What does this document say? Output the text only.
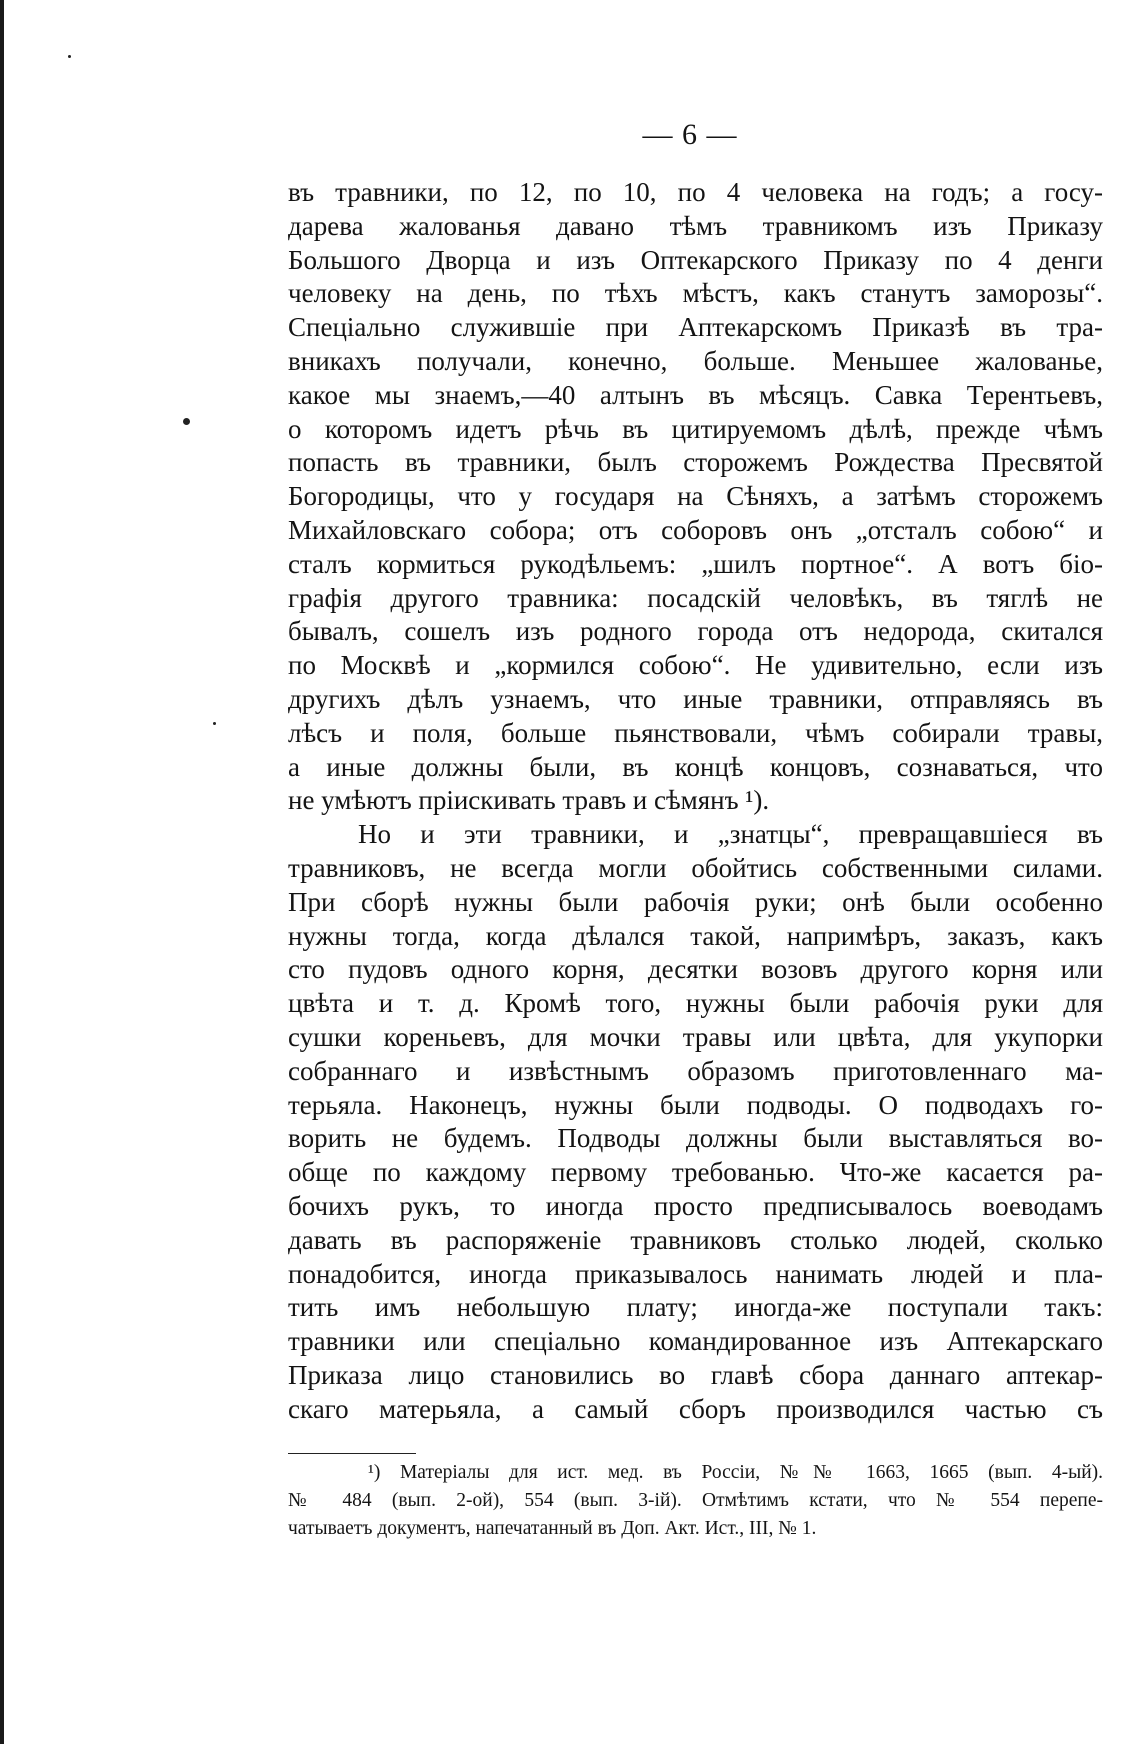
— 6 —
въ травники, по 12, по 10, по 4 человека на годъ; а госу-
дарева жалованья давано тѣмъ травникомъ изъ Приказу
Большого Дворца и изъ Оптекарского Приказу по 4 денги
человеку на день, по тѣхъ мѣстъ, какъ станутъ заморозы“.
Спеціально служившіе при Аптекарскомъ Приказѣ въ тра-
вникахъ получали, конечно, больше. Меньшее жалованье,
какое мы знаемъ,—40 алтынъ въ мѣсяцъ. Савка Терентьевъ,
о которомъ идетъ рѣчь въ цитируемомъ дѣлѣ, прежде чѣмъ
попасть въ травники, былъ сторожемъ Рождества Пресвятой
Богородицы, что у государя на Сѣняхъ, а затѣмъ сторожемъ
Михайловскаго собора; отъ соборовъ онъ „отсталъ собою“ и
сталъ кормиться рукодѣльемъ: „шилъ портное“. А вотъ біо-
графія другого травника: посадскій человѣкъ, въ тяглѣ не
бывалъ, сошелъ изъ родного города отъ недорода, скитался
по Москвѣ и „кормился собою“. Не удивительно, если изъ
другихъ дѣлъ узнаемъ, что иные травники, отправляясь въ
лѣсъ и поля, больше пьянствовали, чѣмъ собирали травы,
а иные должны были, въ концѣ концовъ, сознаваться, что
не умѣютъ пріискивать травъ и сѣмянъ ¹).
Но и эти травники, и „знатцы“, превращавшіеся въ
травниковъ, не всегда могли обойтись собственными силами.
При сборѣ нужны были рабочія руки; онѣ были особенно
нужны тогда, когда дѣлался такой, напримѣръ, заказъ, какъ
сто пудовъ одного корня, десятки возовъ другого корня или
цвѣта и т. д. Кромѣ того, нужны были рабочія руки для
сушки кореньевъ, для мочки травы или цвѣта, для укупорки
собраннаго и извѣстнымъ образомъ приготовленнаго ма-
терьяла. Наконецъ, нужны были подводы. О подводахъ го-
ворить не будемъ. Подводы должны были выставляться во-
обще по каждому первому требованью. Что-же касается ра-
бочихъ рукъ, то иногда просто предписывалось воеводамъ
давать въ распоряженіе травниковъ столько людей, сколько
понадобится, иногда приказывалось нанимать людей и пла-
тить имъ небольшую плату; иногда-же поступали такъ:
травники или спеціально командированное изъ Аптекарскаго
Приказа лицо становились во главѣ сбора даннаго аптекар-
скаго матерьяла, а самый сборъ производился частью съ
¹) Матеріалы для ист. мед. въ Россіи, №№ 1663, 1665 (вып. 4-ый).
№ 484 (вып. 2-ой), 554 (вып. 3-ій). Отмѣтимъ кстати, что № 554 перепе-
чатываетъ документъ, напечатанный въ Доп. Акт. Ист., III, № 1.
